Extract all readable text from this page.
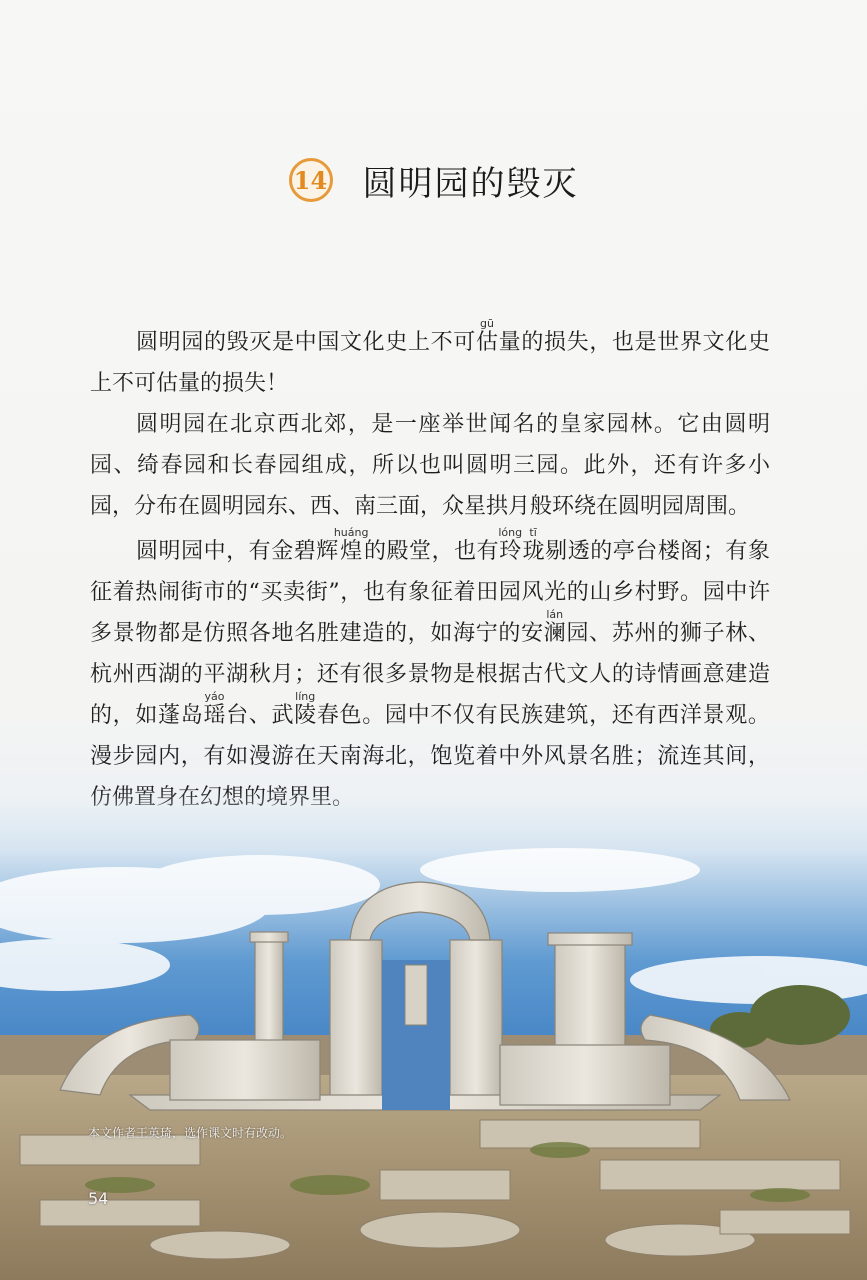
14 圆明园的毁灭

圆明园的毁灭是中国文化史上不可估gū量的损失，也是世界文化史上不可估量的损失！

圆明园在北京西北郊，是一座举世闻名的皇家园林。它由圆明园、绮春园和长春园组成，所以也叫圆明三园。此外，还有许多小园，分布在圆明园东、西、南三面，众星拱月般环绕在圆明园周围。

圆明园中，有金碧辉煌huáng的殿堂，也有玲lóng珑tī剔透的亭台楼阁；有象征着热闹街市的“买卖街”，也有象征着田园风光的山乡村野。园中许多景物都是仿照各地名胜建造的，如海宁的安澜lán园、苏州的狮子林、杭州西湖的平湖秋月；还有很多景物是根据古代文人的诗情画意建造的，如蓬岛瑶yáo台、武陵líng春色。园中不仅有民族建筑，还有西洋景观。漫步园内，有如漫游在天南海北，饱览着中外风景名胜；流连其间，

本文作者王英琦，选作课文时有改动。
54
